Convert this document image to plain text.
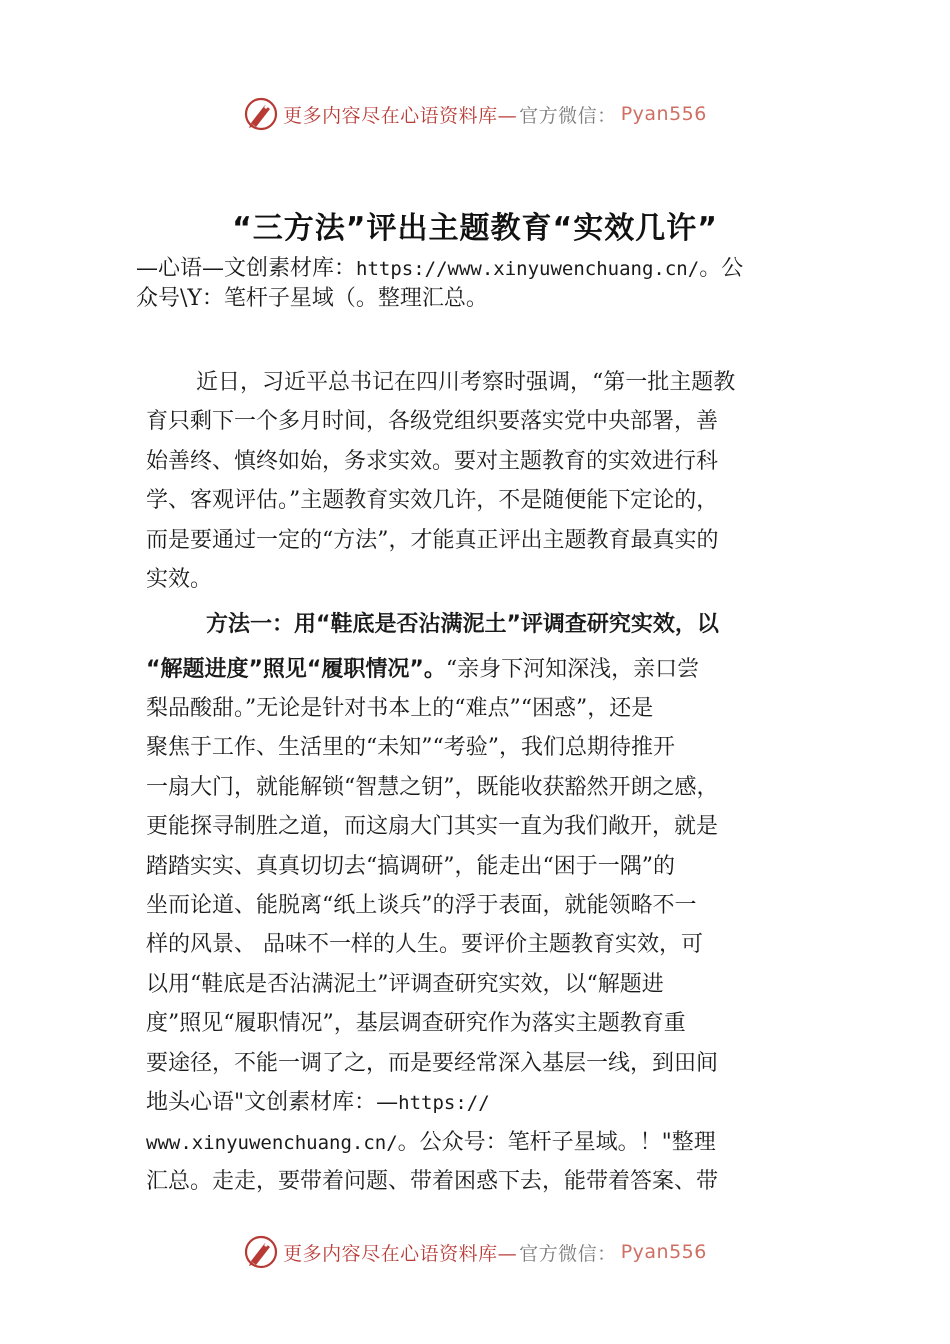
更多内容尽在心语资料库— 官方微信： Pyan556
“三方法”评出主题教育“实效几许”
—心语—文创素材库：https://www.xinyuwenchuang.cn/。公
众号\Y：笔杆子星域（。整理汇总。
近日，习近平总书记在四川考察时强调，“第一批主题教
育只剩下一个多月时间，各级党组织要落实党中央部署，善
始善终、慎终如始，务求实效。要对主题教育的实效进行科
学、客观评估。”主题教育实效几许，不是随便能下定论的，
而是要通过一定的“方法”，才能真正评出主题教育最真实的
实效。
方法一：用“鞋底是否沾满泥土”评调查研究实效，以
“解题进度”照见“履职情况”。“亲身下河知深浅，亲口尝
梨品酸甜。”无论是针对书本上的“难点”“困惑”，还是
聚焦于工作、生活里的“未知”“考验”，我们总期待推开
一扇大门，就能解锁“智慧之钥”，既能收获豁然开朗之感，
更能探寻制胜之道，而这扇大门其实一直为我们敞开，就是
踏踏实实、真真切切去“搞调研”，能走出“困于一隅”的
坐而论道、能脱离“纸上谈兵”的浮于表面，就能领略不一
样的风景、 品味不一样的人生。要评价主题教育实效，可
以用“鞋底是否沾满泥土”评调查研究实效，以“解题进
度”照见“履职情况”，基层调查研究作为落实主题教育重
要途径，不能一调了之，而是要经常深入基层一线，到田间
地头心语"文创素材库：—https://
www.xinyuwenchuang.cn/。公众号：笔杆子星域。！"整理
汇总。走走，要带着问题、带着困惑下去，能带着答案、带
更多内容尽在心语资料库— 官方微信： Pyan556
